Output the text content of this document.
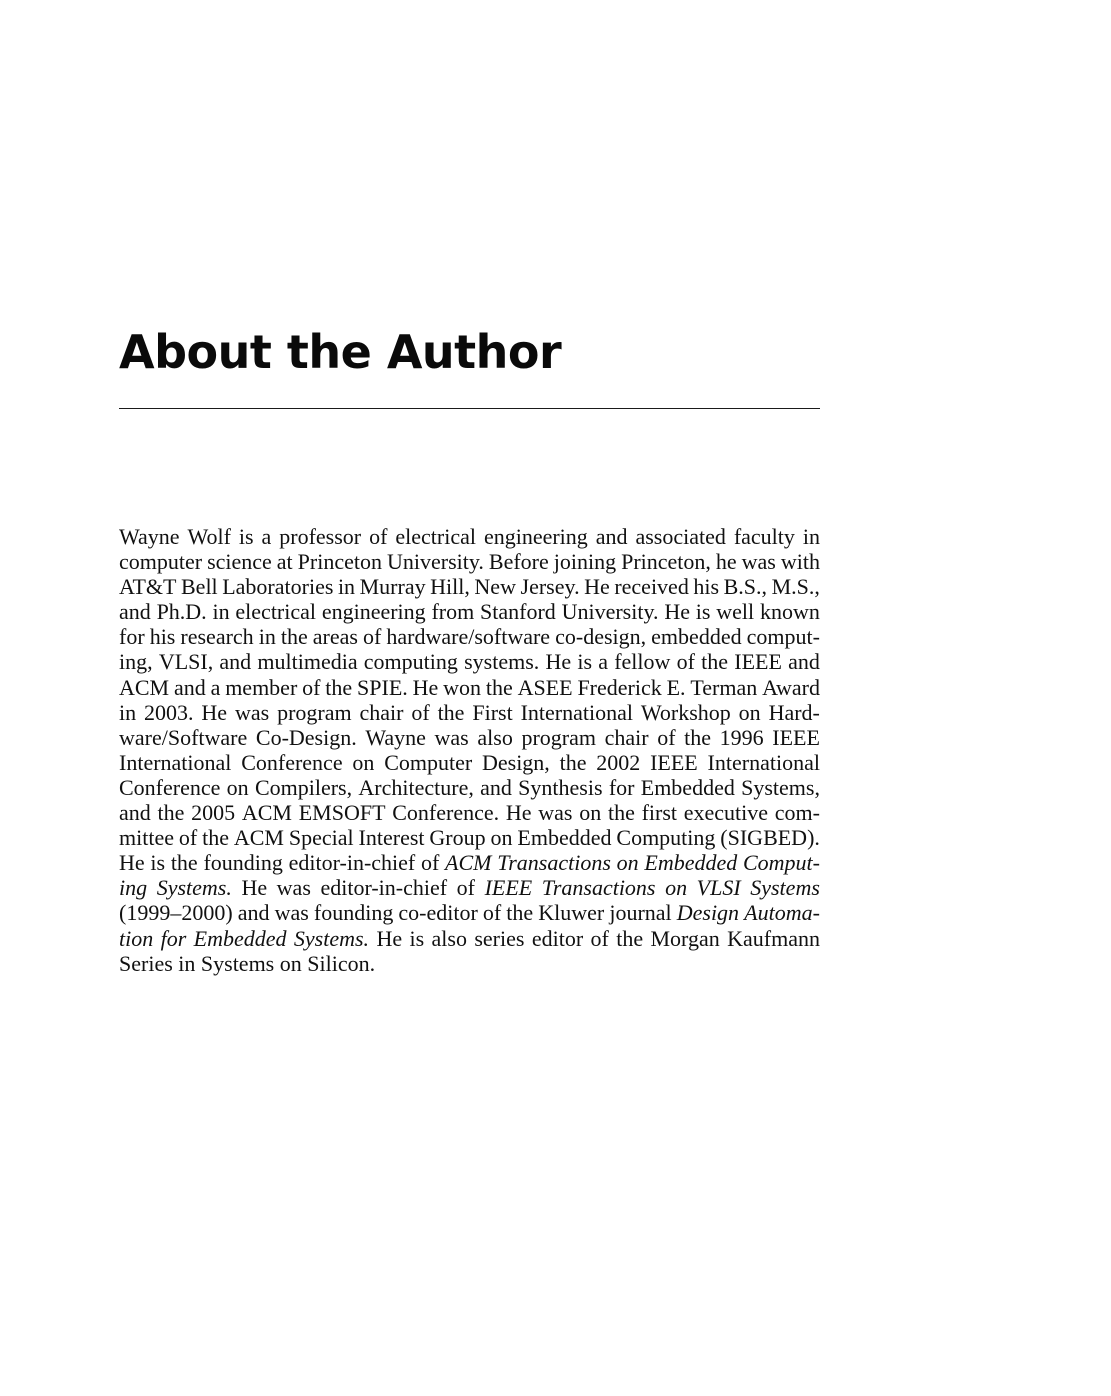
About the Author
Wayne Wolf is a professor of electrical engineering and associated faculty in
computer science at Princeton University. Before joining Princeton, he was with
AT&T Bell Laboratories in Murray Hill, New Jersey. He received his B.S., M.S.,
and Ph.D. in electrical engineering from Stanford University. He is well known
for his research in the areas of hardware/software co-design, embedded comput-
ing, VLSI, and multimedia computing systems. He is a fellow of the IEEE and
ACM and a member of the SPIE. He won the ASEE Frederick E. Terman Award
in 2003. He was program chair of the First International Workshop on Hard-
ware/Software Co-Design. Wayne was also program chair of the 1996 IEEE
International Conference on Computer Design, the 2002 IEEE International
Conference on Compilers, Architecture, and Synthesis for Embedded Systems,
and the 2005 ACM EMSOFT Conference. He was on the first executive com-
mittee of the ACM Special Interest Group on Embedded Computing (SIGBED).
He is the founding editor-in-chief of ACM Transactions on Embedded Comput-
ing Systems. He was editor-in-chief of IEEE Transactions on VLSI Systems
(1999–2000) and was founding co-editor of the Kluwer journal Design Automa-
tion for Embedded Systems. He is also series editor of the Morgan Kaufmann
Series in Systems on Silicon.
